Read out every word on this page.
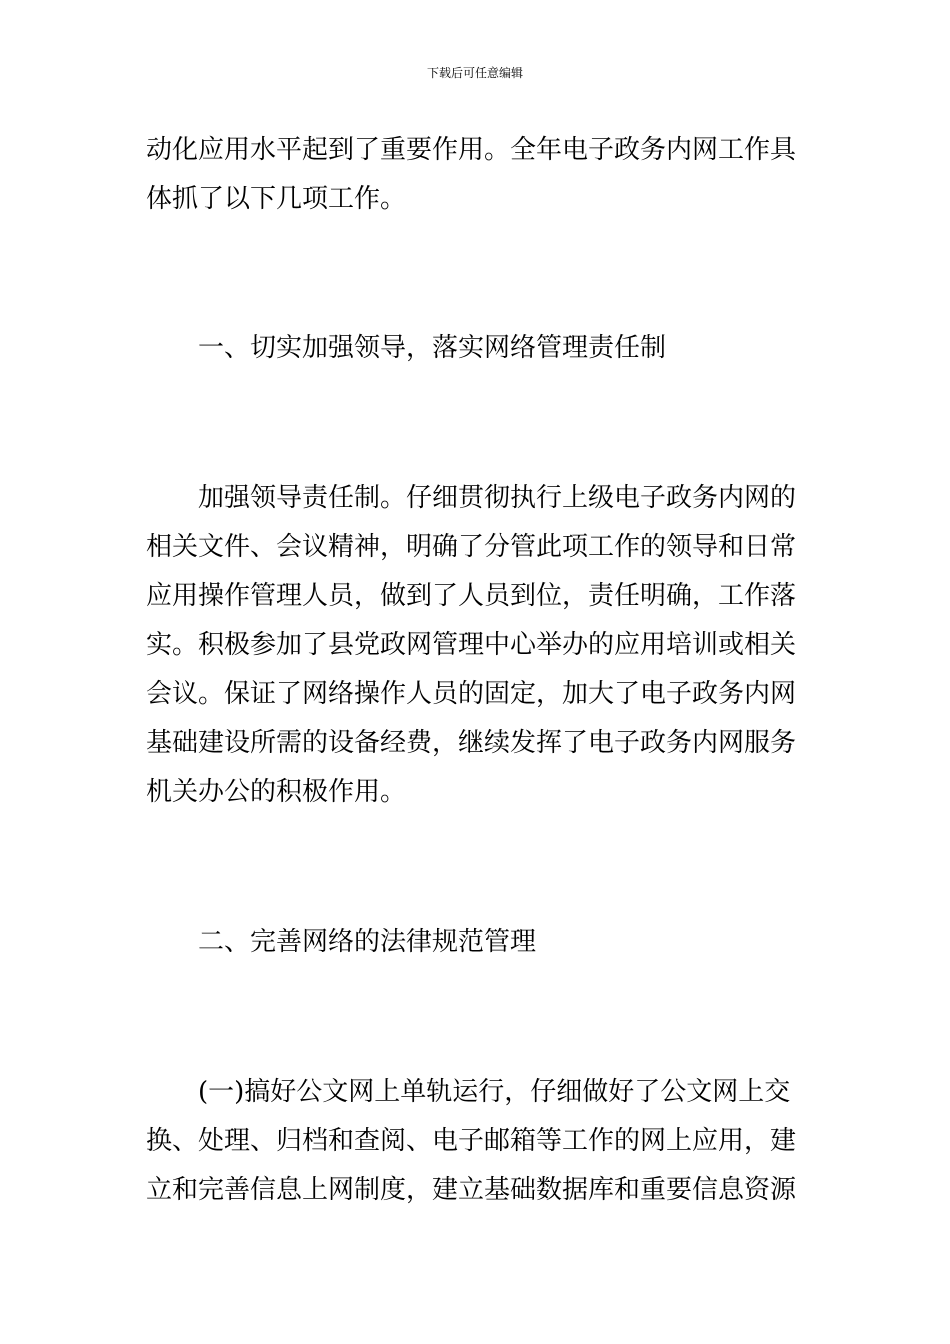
下载后可任意编辑
动化应用水平起到了重要作用。全年电子政务内网工作具
体抓了以下几项工作。
一、切实加强领导，落实网络管理责任制
加强领导责任制。仔细贯彻执行上级电子政务内网的
相关文件、会议精神，明确了分管此项工作的领导和日常
应用操作管理人员，做到了人员到位，责任明确，工作落
实。积极参加了县党政网管理中心举办的应用培训或相关
会议。保证了网络操作人员的固定，加大了电子政务内网
基础建设所需的设备经费，继续发挥了电子政务内网服务
机关办公的积极作用。
二、完善网络的法律规范管理
(一)搞好公文网上单轨运行，仔细做好了公文网上交
换、处理、归档和查阅、电子邮箱等工作的网上应用，建
立和完善信息上网制度，建立基础数据库和重要信息资源
